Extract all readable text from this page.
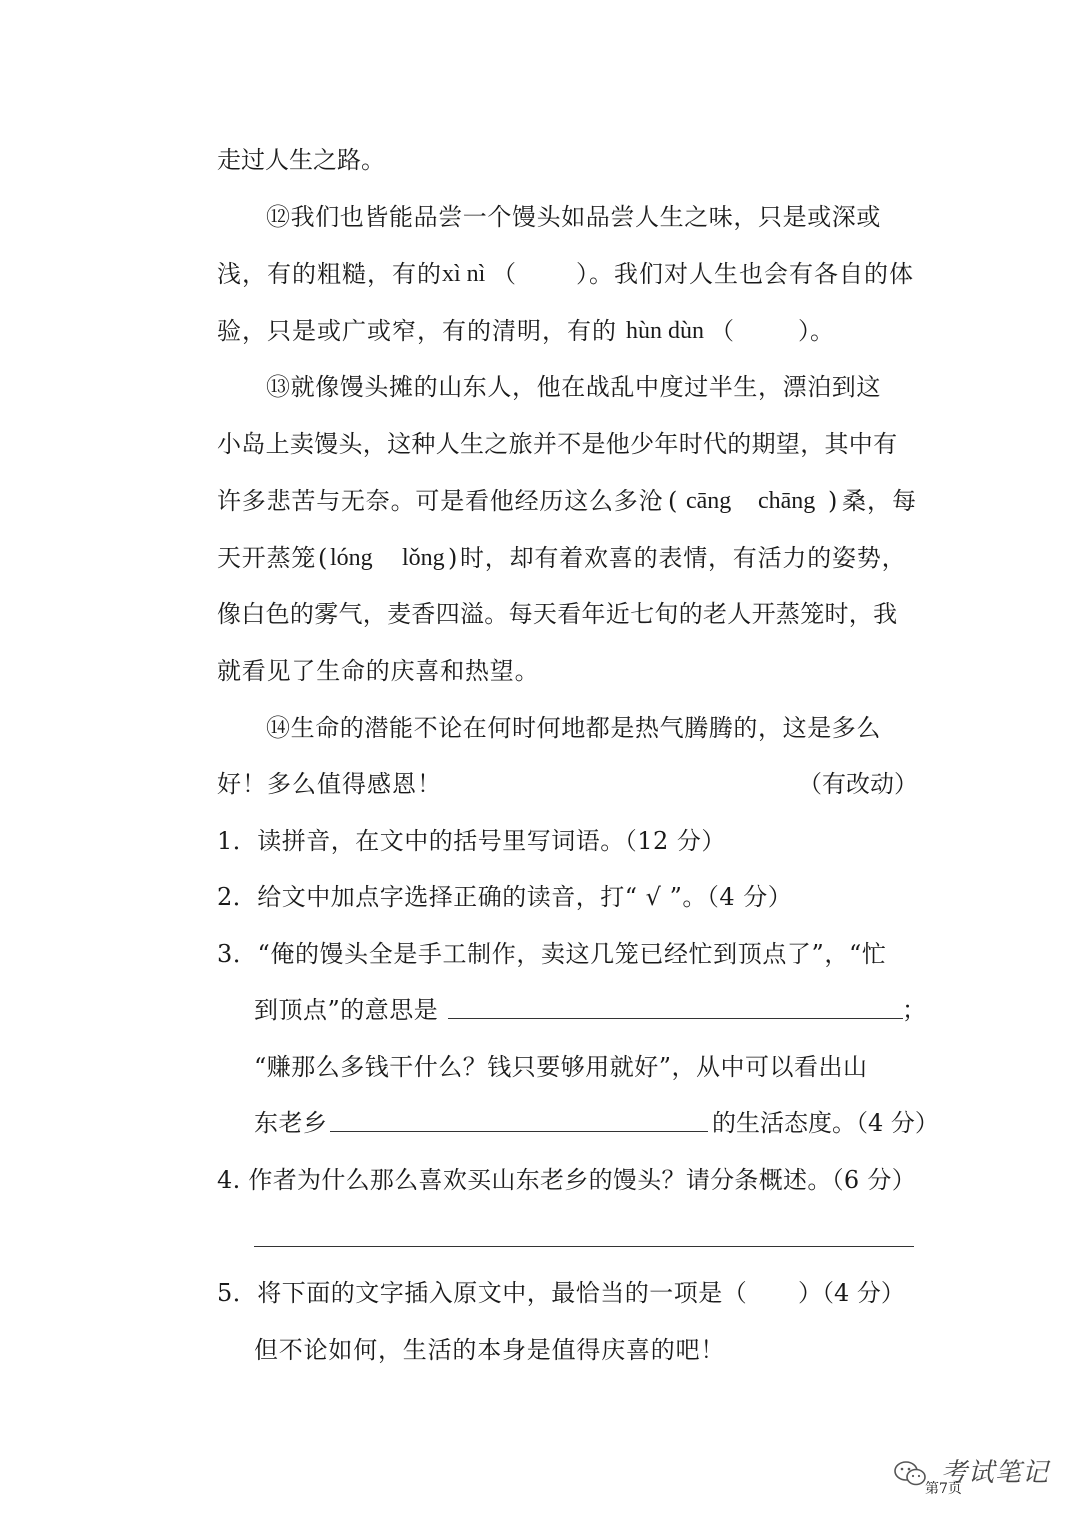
走过人生之路。
⑫我们也皆能品尝一个馒头如品尝人生之味，只是或深或
浅，有的粗糙，有的 xì nì （	）。我们对人生也会有各自的体
验，只是或广或窄，有的清明，有的 hùn dùn （	）。
⑬就像馒头摊的山东人，他在战乱中度过半生，漂泊到这
小岛上卖馒头，这种人生之旅并不是他少年时代的期望，其中有
许多悲苦与无奈。可是看他经历这么多沧 ( cāng chāng ) 桑，每
天开蒸笼 ( lóng lǒng ) 时，却有着欢喜的表情，有活力的姿势，
像白色的雾气，麦香四溢。每天看年近七旬的老人开蒸笼时，我
就看见了生命的庆喜和热望。
⑭生命的潜能不论在何时何地都是热气腾腾的，这是多么
好！多么值得感恩！	（有改动）
1．读拼音，在文中的括号里写词语。（12 分）
2．给文中加点字选择正确的读音，打“ √ ”。（4 分）
3．“俺的馒头全是手工制作，卖这几笼已经忙到顶点了”，“忙
到顶点”的意思是	；
“赚那么多钱干什么？钱只要够用就好”，从中可以看出山
东老乡	的生活态度。（4 分）
4. 作者为什么那么喜欢买山东老乡的馒头？请分条概述。（6 分）
5．将下面的文字插入原文中，最恰当的一项是（ ）（4 分）
但不论如何，生活的本身是值得庆喜的吧！
第7页
考试笔记
